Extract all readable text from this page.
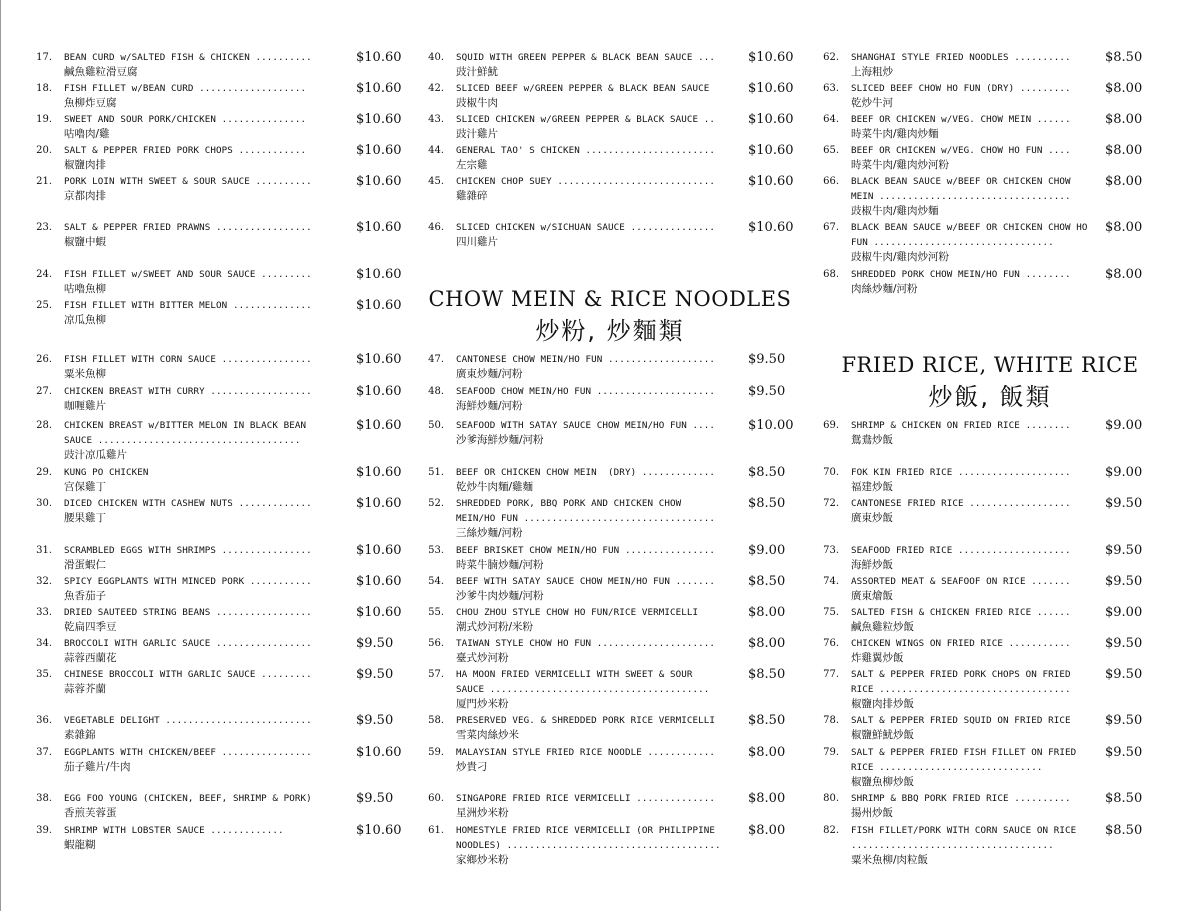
17. BEAN CURD w/SALTED FISH & CHICKEN ..........
鹹魚雞粒滑豆腐
$10.60
18. FISH FILLET w/BEAN CURD ...................
魚柳炸豆腐
$10.60
19. SWEET AND SOUR PORK/CHICKEN ...............
咕嚕肉/雞
$10.60
20. SALT & PEPPER FRIED PORK CHOPS ............
椒鹽肉排
$10.60
21. PORK LOIN WITH SWEET & SOUR SAUCE ..........
京都肉排
$10.60
23. SALT & PEPPER FRIED PRAWNS .................
椒鹽中蝦
$10.60
24. FISH FILLET w/SWEET AND SOUR SAUCE .........
咕嚕魚柳
$10.60
25. FISH FILLET WITH BITTER MELON ..............
凉瓜魚柳
$10.60
26. FISH FILLET WITH CORN SAUCE ................
粟米魚柳
$10.60
27. CHICKEN BREAST WITH CURRY ..................
咖喱雞片
$10.60
28. CHICKEN BREAST w/BITTER MELON IN BLACK BEAN SAUCE ....................................
豉汁凉瓜雞片
$10.60
29. KUNG PO CHICKEN
宫保雞丁
$10.60
30. DICED CHICKEN WITH CASHEW NUTS .............
腰果雞丁
$10.60
31. SCRAMBLED EGGS WITH SHRIMPS ................
滑蛋蝦仁
$10.60
32. SPICY EGGPLANTS WITH MINCED PORK ...........
魚香茄子
$10.60
33. DRIED SAUTEED STRING BEANS .................
乾扁四季豆
$10.60
34. BROCCOLI WITH GARLIC SAUCE .................
蒜蓉西蘭花
$9.50
35. CHINESE BROCCOLI WITH GARLIC SAUCE .........
蒜蓉芥蘭
$9.50
36. VEGETABLE DELIGHT ..........................
素雜錦
$9.50
37. EGGPLANTS WITH CHICKEN/BEEF ................
茄子雞片/牛肉
$10.60
38. EGG FOO YOUNG (CHICKEN, BEEF, SHRIMP & PORK)
香煎芙蓉蛋
$9.50
39. SHRIMP WITH LOBSTER SAUCE .............
蝦龍糊
$10.60
CHOW MEIN & RICE NOODLES
炒粉, 炒麵類
40. SQUID WITH GREEN PEPPER & BLACK BEAN SAUCE ...
豉汁鮮魷
$10.60
42. SLICED BEEF w/GREEN PEPPER & BLACK BEAN SAUCE
豉椒牛肉
$10.60
43. SLICED CHICKEN w/GREEN PEPPER & BLACK SAUCE ..
豉汁雞片
$10.60
44. GENERAL TAO' S CHICKEN .......................
左宗雞
$10.60
45. CHICKEN CHOP SUEY ............................
雞雜碎
$10.60
46. SLICED CHICKEN w/SICHUAN SAUCE ...............
四川雞片
$10.60
47. CANTONESE CHOW MEIN/HO FUN ...................
廣東炒麵/河粉
$9.50
48. SEAFOOD CHOW MEIN/HO FUN .....................
海鮮炒麵/河粉
$9.50
50. SEAFOOD WITH SATAY SAUCE CHOW MEIN/HO FUN ....
沙爹海鮮炒麵/河粉
$10.00
51. BEEF OR CHICKEN CHOW MEIN  (DRY) .............
乾炒牛肉麵/雞麵
$8.50
52. SHREDDED PORK, BBQ PORK AND CHICKEN CHOW MEIN/HO FUN ..................................
三絲炒麵/河粉
$8.50
53. BEEF BRISKET CHOW MEIN/HO FUN ................
時菜牛腩炒麵/河粉
$9.00
54. BEEF WITH SATAY SAUCE CHOW MEIN/HO FUN .......
沙爹牛肉炒麵/河粉
$8.50
55. CHOU ZHOU STYLE CHOW HO FUN/RICE VERMICELLI
潮式炒河粉/米粉
$8.00
56. TAIWAN STYLE CHOW HO FUN .....................
臺式炒河粉
$8.00
57. HA MOON FRIED VERMICELLI WITH SWEET & SOUR SAUCE .......................................
厦門炒米粉
$8.50
58. PRESERVED VEG. & SHREDDED PORK RICE VERMICELLI
雪菜肉絲炒米
$8.50
59. MALAYSIAN STYLE FRIED RICE NOODLE ............
炒貴刁
$8.00
60. SINGAPORE FRIED RICE VERMICELLI ..............
星洲炒米粉
$8.00
61. HOMESTYLE FRIED RICE VERMICELLI (OR PHILIPPINE NOODLES) ......................................
家鄉炒米粉
$8.00
FRIED RICE, WHITE RICE
炒飯, 飯類
62. SHANGHAI STYLE FRIED NOODLES ..........
上海粗炒
$8.50
63. SLICED BEEF CHOW HO FUN (DRY) .........
乾炒牛河
$8.00
64. BEEF OR CHICKEN w/VEG. CHOW MEIN ......
時菜牛肉/雞肉炒麵
$8.00
65. BEEF OR CHICKEN w/VEG. CHOW HO FUN ....
時菜牛肉/雞肉炒河粉
$8.00
66. BLACK BEAN SAUCE w/BEEF OR CHICKEN CHOW MEIN ..................................
豉椒牛肉/雞肉炒麵
$8.00
67. BLACK BEAN SAUCE w/BEEF OR CHICKEN CHOW HO FUN ................................
豉椒牛肉/雞肉炒河粉
$8.00
68. SHREDDED PORK CHOW MEIN/HO FUN ........
肉絲炒麵/河粉
$8.00
69. SHRIMP & CHICKEN ON FRIED RICE ........
鴛鴦炒飯
$9.00
70. FOK KIN FRIED RICE ....................
福建炒飯
$9.00
72. CANTONESE FRIED RICE ..................
廣東炒飯
$9.50
73. SEAFOOD FRIED RICE ....................
海鮮炒飯
$9.50
74. ASSORTED MEAT & SEAFOOF ON RICE .......
廣東燴飯
$9.50
75. SALTED FISH & CHICKEN FRIED RICE ......
鹹魚雞粒炒飯
$9.00
76. CHICKEN WINGS ON FRIED RICE ...........
炸雞翼炒飯
$9.50
77. SALT & PEPPER FRIED PORK CHOPS ON FRIED RICE ..................................
椒鹽肉排炒飯
$9.50
78. SALT & PEPPER FRIED SQUID ON FRIED RICE
椒鹽鮮魷炒飯
$9.50
79. SALT & PEPPER FRIED FISH FILLET ON FRIED RICE .............................
椒鹽魚柳炒飯
$9.50
80. SHRIMP & BBQ PORK FRIED RICE ..........
揚州炒飯
$8.50
82. FISH FILLET/PORK WITH CORN SAUCE ON RICE ....................................
粟米魚柳/肉粒飯
$8.50
